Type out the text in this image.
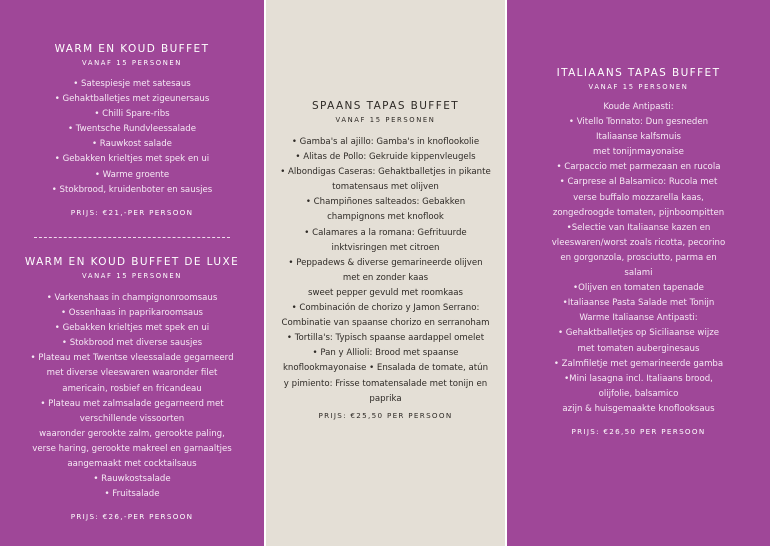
WARM EN KOUD BUFFET

VANAF 15 PERSONEN

• Satespiesje met satesaus
• Gehaktballetjes met zigeunersaus
• Chilli Spare-ribs
• Twentsche Rundvleessalade
• Rauwkost salade
• Gebakken krieltjes met spek en ui
• Warme groente
• Stokbrood, kruidenboter en sausjes

PRIJS: €21,-PER PERSOON

WARM EN KOUD BUFFET DE LUXE

VANAF 15 PERSONEN

• Varkenshaas in champignonroomsaus
• Ossenhaas in paprikaroomsaus
• Gebakken krieltjes met spek en ui
• Stokbrood met diverse sausjes
• Plateau met Twentse vleessalade gegarneerd
met diverse vleeswaren waaronder filet
americain, rosbief en fricandeau
• Plateau met zalmsalade gegarneerd met
verschillende vissoorten
waaronder gerookte zalm, gerookte paling,
verse haring, gerookte makreel en garnaaltjes
aangemaakt met cocktailsaus
• Rauwkostsalade
• Fruitsalade

PRIJS: €26,-PER PERSOON

SPAANS TAPAS BUFFET

VANAF 15 PERSONEN

• Gamba's al ajillo: Gamba's in knoflookolie
• Alitas de Pollo: Gekruide kippenvleugels
• Albondigas Caseras: Gehaktballetjes in pikante
tomatensaus met olijven
• Champiñones salteados: Gebakken
champignons met knoflook
• Calamares a la romana: Gefrituurde
inktvisringen met citroen
• Peppadews & diverse gemarineerde olijven
met en zonder kaas
sweet pepper gevuld met roomkaas
• Combinación de chorizo y Jamon Serrano:
Combinatie van spaanse chorizo en serranoham
• Tortilla's: Typisch spaanse aardappel omelet
• Pan y Allioli: Brood met spaanse
knoflookmayonaise • Ensalada de tomate, atún
y pimiento: Frisse tomatensalade met tonijn en
paprika

PRIJS: €25,50 PER PERSOON

ITALIAANS TAPAS BUFFET

VANAF 15 PERSONEN

Koude Antipasti:
• Vitello Tonnato: Dun gesneden
Italiaanse kalfsmuis
met tonijnmayonaise
• Carpaccio met parmezaan en rucola
• Carprese al Balsamico: Rucola met
verse buffalo mozzarella kaas,
zongedroogde tomaten, pijnboompitten
•Selectie van Italiaanse kazen en
vleeswaren/worst zoals ricotta, pecorino
en gorgonzola, prosciutto, parma en
salami
•Olijven en tomaten tapenade
•Italiaanse Pasta Salade met Tonijn
Warme Italiaanse Antipasti:
• Gehaktballetjes op Siciliaanse wijze
met tomaten auberginesaus
• Zalmfiletje met gemarineerde gamba
•Mini lasagna incl. Italiaans brood,
olijfolie, balsamico
azijn & huisgemaakte knoflooksaus

PRIJS: €26,50 PER PERSOON
